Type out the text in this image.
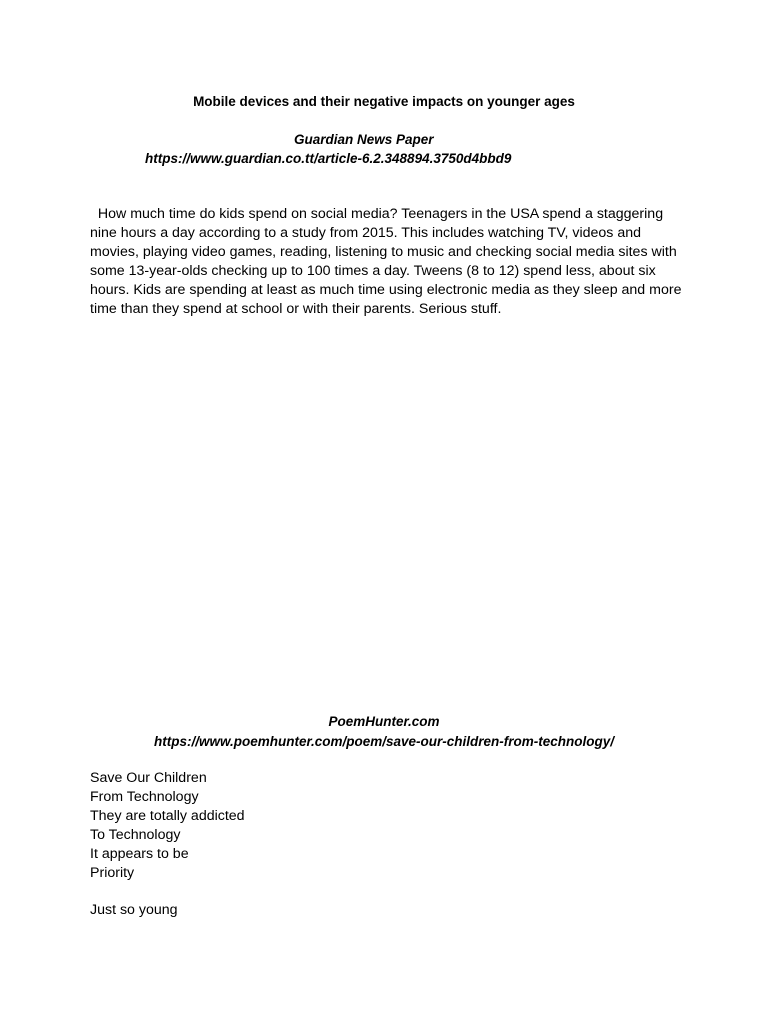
Mobile devices and their negative impacts on younger ages
Guardian News Paper
https://www.guardian.co.tt/article-6.2.348894.3750d4bbd9
How much time do kids spend on social media? Teenagers in the USA spend a staggering
nine hours a day according to a study from 2015. This includes watching TV, videos and
movies, playing video games, reading, listening to music and checking social media sites with
some 13-year-olds checking up to 100 times a day. Tweens (8 to 12) spend less, about six
hours. Kids are spending at least as much time using electronic media as they sleep and more
time than they spend at school or with their parents. Serious stuff.
PoemHunter.com
https://www.poemhunter.com/poem/save-our-children-from-technology/
Save Our Children
From Technology
They are totally addicted
To Technology
It appears to be
Priority
Just so young
